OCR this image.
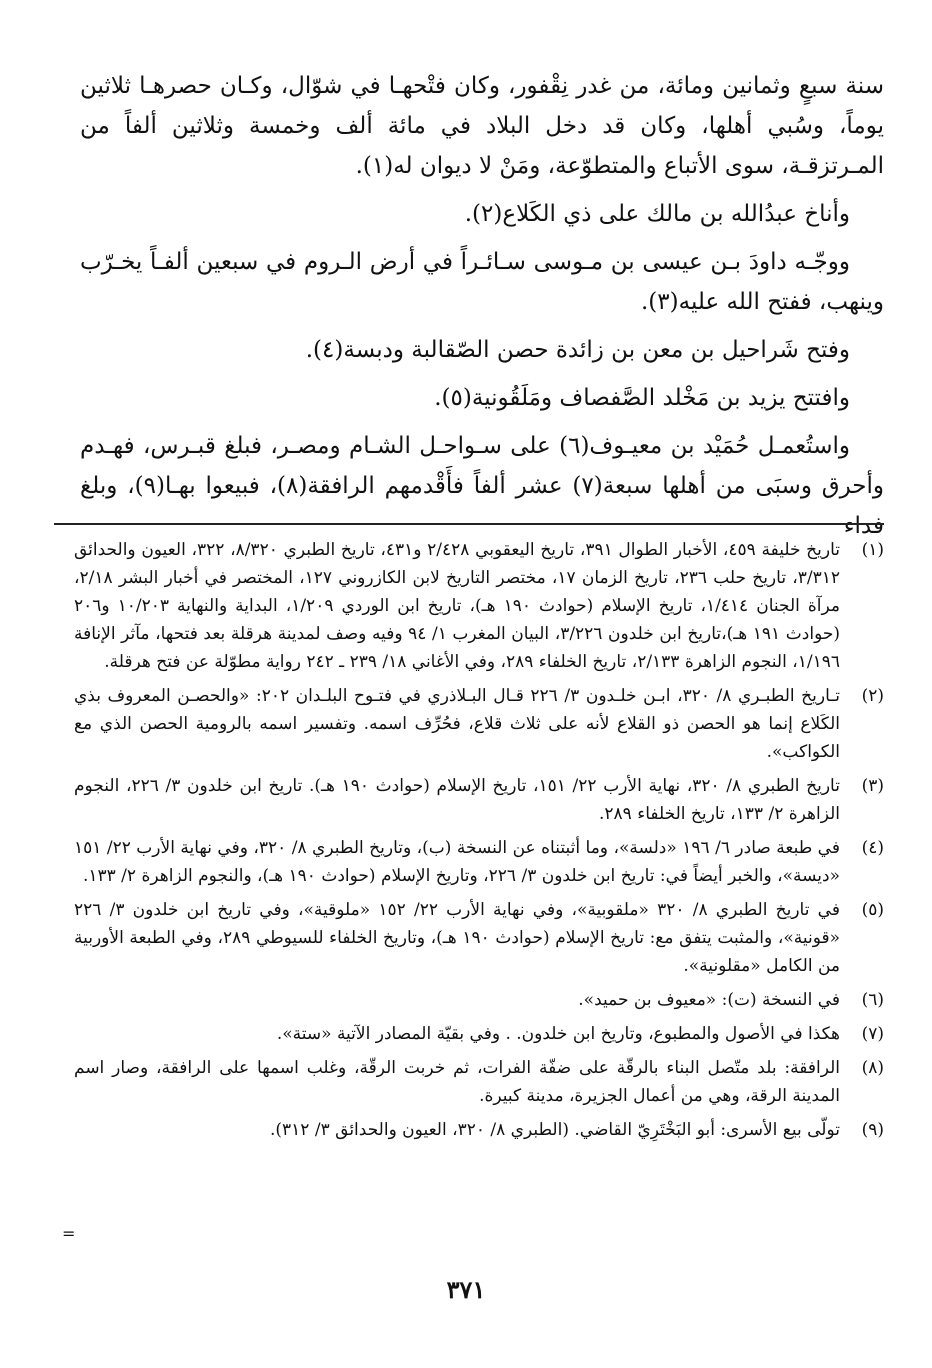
سنة سبعٍ وثمانين ومائة، من غدر نِقْفور، وكان فتْحهـا في شوّال، وكـان حصرهـا ثلاثين يوماً، وسُبي أهلها، وكان قد دخل البلاد في مائة ألف وخمسة وثلاثين ألفاً من المـرتزقـة، سوى الأتباع والمتطوّعة، ومَنْ لا ديوان له(١).

وأناخ عبدُالله بن مالك على ذي الكَلاع(٢).

ووجّـه داودَ بـن عيسى بن مـوسى سـائـراً في أرض الـروم في سبعين ألفـاً يخـرّب وينهب، ففتح الله عليه(٣).

وفتح شَراحيل بن معن بن زائدة حصن الصّقالبة ودبسة(٤).

وافتتح يزيد بن مَخْلد الصَّفصاف ومَلَقُونية(٥).

واستُعمـل حُمَيْد بن معيـوف(٦) على سـواحـل الشـام ومصـر، فبلغ قبـرس، فهـدم وأحرق وسبَى من أهلها سبعة(٧) عشر ألفاً فأَقْدمهم الرافقة(٨)، فبيعوا بهـا(٩)، وبلغ فداء

(١)
تاريخ خليفة ٤٥٩، الأخبار الطوال ٣٩١، تاريخ اليعقوبي ٢/٤٢٨ و٤٣١، تاريخ الطبري ٨/٣٢٠، ٣٢٢، العيون والحدائق ٣/٣١٢، تاريخ حلب ٢٣٦، تاريخ الزمان ١٧، مختصر التاريخ لابن الكازروني ١٢٧، المختصر في أخبار البشر ٢/١٨، مرآة الجنان ١/٤١٤، تاريخ الإسلام (حوادث ١٩٠ هـ)، تاريخ ابن الوردي ١/٢٠٩، البداية والنهاية ١٠/٢٠٣ و٢٠٦ (حوادث ١٩١ هـ)،تاريخ ابن خلدون ٣/٢٢٦، البيان المغرب ١/ ٩٤ وفيه وصف لمدينة هرقلة بعد فتحها، مآثر الإنافة ١/١٩٦، النجوم الزاهرة ٢/١٣٣، تاريخ الخلفاء ٢٨٩، وفي الأغاني ١٨/ ٢٣٩ ـ ٢٤٢ رواية مطوّلة عن فتح هرقلة.
(٢)
تـاريخ الطبـري ٨/ ٣٢٠، ابـن خلـدون ٣/ ٢٢٦ قـال البـلاذري في فتـوح البلـدان ٢٠٢: «والحصـن المعروف بذي الكَلاع إنما هو الحصن ذو القلاع لأنه على ثلاث قلاع، فحُرِّف اسمه. وتفسير اسمه بالرومية الحصن الذي مع الكواكب».
(٣)
تاريخ الطبري ٨/ ٣٢٠، نهاية الأرب ٢٢/ ١٥١، تاريخ الإسلام (حوادث ١٩٠ هـ). تاريخ ابن خلدون ٣/ ٢٢٦، النجوم الزاهرة ٢/ ١٣٣، تاريخ الخلفاء ٢٨٩.
(٤)
في طبعة صادر ٦/ ١٩٦ «دلسة»، وما أثبتناه عن النسخة (ب)، وتاريخ الطبري ٨/ ٣٢٠، وفي نهاية الأرب ٢٢/ ١٥١ «ديسة»، والخبر أيضاً في: تاريخ ابن خلدون ٣/ ٢٢٦، وتاريخ الإسلام (حوادث ١٩٠ هـ)، والنجوم الزاهرة ٢/ ١٣٣.
(٥)
في تاريخ الطبري ٨/ ٣٢٠ «ملقوبية»، وفي نهاية الأرب ٢٢/ ١٥٢ «ملوقية»، وفي تاريخ ابن خلدون ٣/ ٢٢٦ «قونية»، والمثبت يتفق مع: تاريخ الإسلام (حوادث ١٩٠ هـ)، وتاريخ الخلفاء للسيوطي ٢٨٩، وفي الطبعة الأوربية من الكامل «مقلونية».
(٦)
في النسخة (ت): «معيوف بن حميد».
(٧)
هكذا في الأصول والمطبوع، وتاريخ ابن خلدون. . وفي بقيّة المصادر الآتية «ستة».
(٨)
الرافقة: بلد متّصل البناء بالرقّة على ضفّة الفرات، ثم خربت الرقّة، وغلب اسمها على الرافقة، وصار اسم المدينة الرقة، وهي من أعمال الجزيرة، مدينة كبيرة.
(٩)
تولّى بيع الأسرى: أبو البَخْتَرِيّ القاضي. (الطبري ٨/ ٣٢٠، العيون والحدائق ٣/ ٣١٢).
=
٣٧١
